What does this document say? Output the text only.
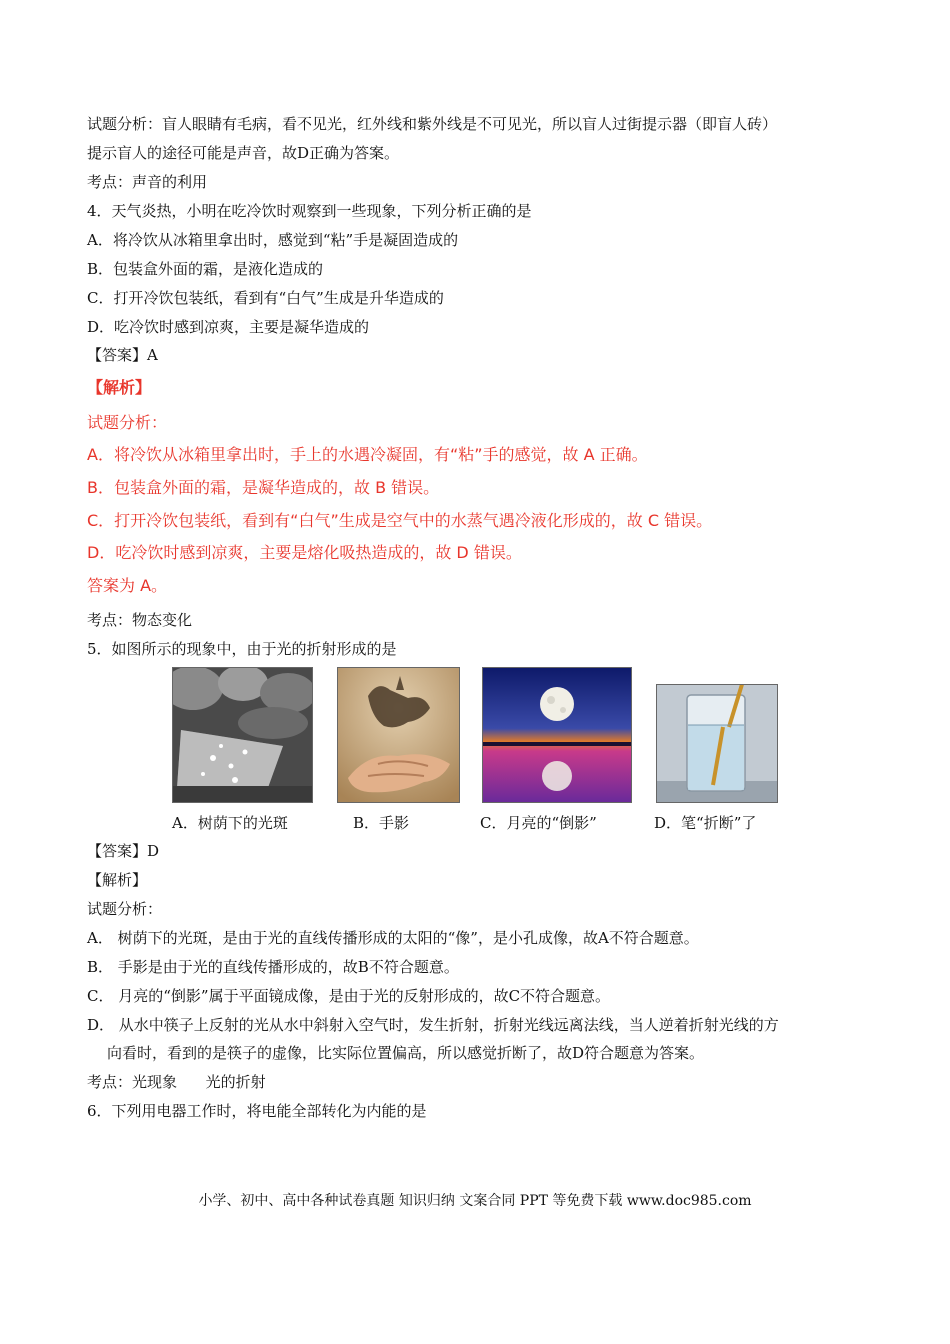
试题分析：盲人眼睛有毛病，看不见光，红外线和紫外线是不可见光，所以盲人过街提示器（即盲人砖）
提示盲人的途径可能是声音，故D正确为答案。
考点：声音的利用
4．天气炎热，小明在吃冷饮时观察到一些现象，下列分析正确的是
A．将冷饮从冰箱里拿出时，感觉到“粘”手是凝固造成的
B．包装盒外面的霜，是液化造成的
C．打开冷饮包装纸，看到有“白气”生成是升华造成的
D．吃冷饮时感到凉爽，主要是凝华造成的
【答案】A
【解析】
试题分析：
A．将冷饮从冰箱里拿出时，手上的水遇冷凝固，有“粘”手的感觉，故 A 正确。
B．包装盒外面的霜，是凝华造成的，故 B 错误。
C．打开冷饮包装纸，看到有“白气”生成是空气中的水蒸气遇冷液化形成的，故 C 错误。
D．吃冷饮时感到凉爽，主要是熔化吸热造成的，故 D 错误。
答案为 A。
考点：物态变化
5．如图所示的现象中，由于光的折射形成的是
A．树荫下的光斑	B．手影	C．月亮的“倒影”	D．笔“折断”了
【答案】D
【解析】
试题分析：
A． 树荫下的光斑，是由于光的直线传播形成的太阳的“像”，是小孔成像，故A不符合题意。
B． 手影是由于光的直线传播形成的，故B不符合题意。
C． 月亮的“倒影”属于平面镜成像，是由于光的反射形成的，故C不符合题意。
D． 从水中筷子上反射的光从水中斜射入空气时，发生折射，折射光线远离法线，当人逆着折射光线的方
向看时，看到的是筷子的虚像，比实际位置偏高，所以感觉折断了，故D符合题意为答案。
考点：光现象      光的折射
6．下列用电器工作时，将电能全部转化为内能的是
小学、初中、高中各种试卷真题 知识归纳 文案合同 PPT 等免费下载 www.doc985.com
